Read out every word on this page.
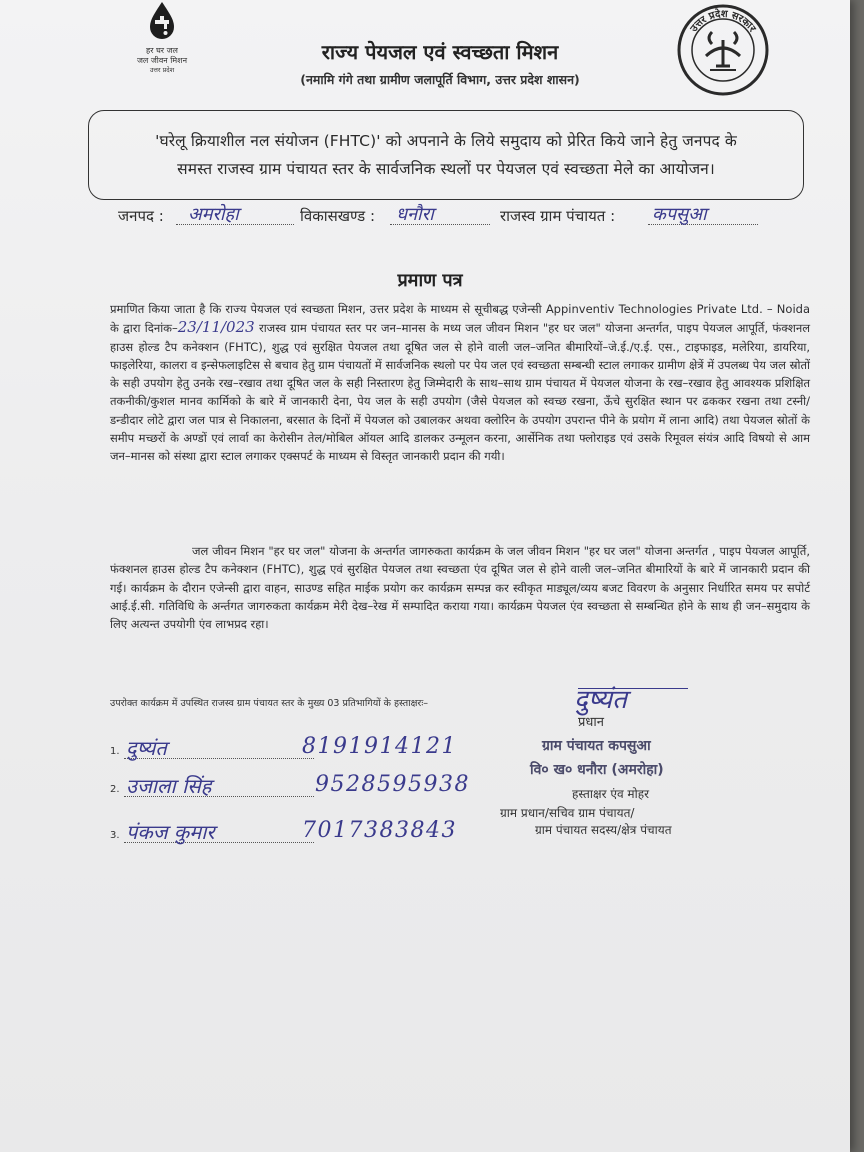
हर घर जल
जल जीवन मिशन
उत्तर प्रदेश
उत्तर प्रदेश सरकार
राज्य पेयजल एवं स्वच्छता मिशन
(नमामि गंगे तथा ग्रामीण जलापूर्ति विभाग, उत्तर प्रदेश शासन)

'घरेलू क्रियाशील नल संयोजन (FHTC)' को अपनाने के लिये समुदाय को प्रेरित किये जाने हेतु जनपद के

समस्त राजस्व ग्राम पंचायत स्तर के सार्वजनिक स्थलों पर पेयजल एवं स्वच्छता मेले का आयोजन।

जनपद : अमरोहा	विकासखण्ड : धनौरा	राजस्व ग्राम पंचायत : कपसुआ
प्रमाण पत्र
प्रमाणित किया जाता है कि राज्य पेयजल एवं स्वच्छता मिशन, उत्तर प्रदेश के माध्यम से सूचीबद्ध एजेन्सी Appinventiv Technologies Private Ltd. – Noida के द्वारा दिनांक–23/11/023 राजस्व ग्राम पंचायत स्तर पर जन–मानस के मध्य जल जीवन मिशन "हर घर जल" योजना अन्तर्गत, पाइप पेयजल आपूर्ति, फंक्शनल हाउस होल्ड टैप कनेक्शन (FHTC), शुद्ध एवं सुरक्षित पेयजल तथा दूषित जल से होने वाली जल–जनित बीमारियों–जे.ई./ए.ई. एस., टाइफाइड, मलेरिया, डायरिया, फाइलेरिया, कालरा व इन्सेफलाइटिस से बचाव हेतु ग्राम पंचायतों में सार्वजनिक स्थलो पर पेय जल एवं स्वच्छता सम्बन्धी स्टाल लगाकर ग्रामीण क्षेत्रें में उपलब्ध पेय जल स्रोतों के सही उपयोग हेतु उनके रख–रखाव तथा दूषित जल के सही निस्तारण हेतु जिम्मेदारी के साथ–साथ ग्राम पंचायत में पेयजल योजना के रख–रखाव हेतु आवश्यक प्रशिक्षित तकनीकी/कुशल मानव कार्मिको के बारे में जानकारी देना, पेय जल के सही उपयोग (जैसे पेयजल को स्वच्छ रखना, ऊँचे सुरक्षित स्थान पर ढककर रखना तथा टस्नी/डन्डीदार लोटे द्वारा जल पात्र से निकालना, बरसात के दिनों में पेयजल को उबालकर अथवा क्लोरिन के उपयोग उपरान्त पीने के प्रयोग में लाना आदि) तथा पेयजल स्रोतों के समीप मच्छरों के अण्डों एवं लार्वा का केरोसीन तेल/मोबिल ऑयल आदि डालकर उन्मूलन करना, आर्सेनिक तथा फ्लोराइड एवं उसके रिमूवल संयंत्र आदि विषयो से आम जन–मानस को संस्था द्वारा स्टाल लगाकर एक्सपर्ट के माध्यम से विस्तृत जानकारी प्रदान की गयी।
जल जीवन मिशन "हर घर जल" योजना के अन्तर्गत जागरुकता कार्यक्रम के जल जीवन मिशन "हर घर जल" योजना अन्तर्गत , पाइप पेयजल आपूर्ति, फंक्शनल हाउस होल्ड टैप कनेक्शन (FHTC), शुद्ध एवं सुरक्षित पेयजल तथा स्वच्छता एंव दूषित जल से होने वाली जल–जनित बीमारियों के बारे में जानकारी प्रदान की गई। कार्यक्रम के दौरान एजेन्सी द्वारा वाहन, साउण्ड सहित माईक प्रयोग कर कार्यक्रम सम्पन्न कर स्वीकृत माड्यूल/व्यय बजट विवरण के अनुसार निर्धारित समय पर सपोर्ट आई.ई.सी. गतिविधि के अर्न्तगत जागरुकता कार्यक्रम मेरी देख–रेख में सम्पादित कराया गया। कार्यक्रम पेयजल एंव स्वच्छता से सम्बन्धित होने के साथ ही जन–समुदाय के लिए अत्यन्त उपयोगी एंव लाभप्रद रहा।
उपरोक्त कार्यक्रम में उपस्थित राजस्व ग्राम पंचायत स्तर के मुख्य 03 प्रतिभागियों के हस्ताक्षरः–
1. दुष्यंत	8191914121
2. उजाला सिंह	9528595938
3. पंकज कुमार	7017383843
दुष्यंत
प्रधान
ग्राम पंचायत कपसुआ
वि० ख० धनौरा (अमरोहा)
हस्ताक्षर एंव मोहर
ग्राम प्रधान/सचिव ग्राम पंचायत/
ग्राम पंचायत सदस्य/क्षेत्र पंचायत
